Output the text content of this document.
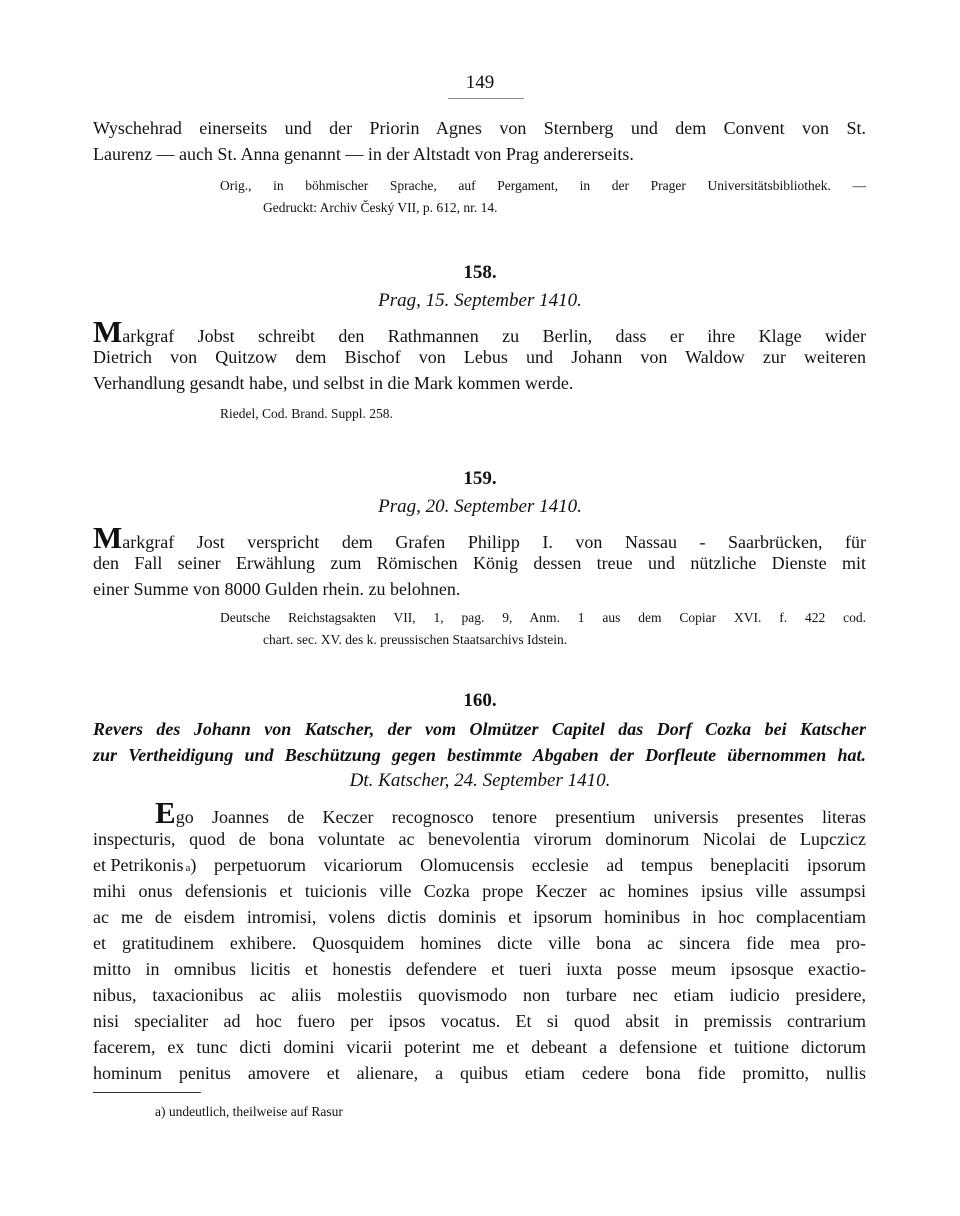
149
Wyschehrad einerseits und der Priorin Agnes von Sternberg und dem Convent von St.
Laurenz — auch St. Anna genannt — in der Altstadt von Prag andererseits.
Orig., in böhmischer Sprache, auf Pergament, in der Prager Universitätsbibliothek. —
Gedruckt: Archiv Český VII, p. 612, nr. 14.
158.
Prag, 15. September 1410.
M arkgraf Jobst schreibt den Rathmannen zu Berlin, dass er ihre Klage wider
Dietrich von Quitzow dem Bischof von Lebus und Johann von Waldow zur weiteren
Verhandlung gesandt habe, und selbst in die Mark kommen werde.
Riedel, Cod. Brand. Suppl. 258.
159.
Prag, 20. September 1410.
M arkgraf Jost verspricht dem Grafen Philipp I. von Nassau - Saarbrücken, für
den Fall seiner Erwählung zum Römischen König dessen treue und nützliche Dienste mit
einer Summe von 8000 Gulden rhein. zu belohnen.
Deutsche Reichstagsakten VII, 1, pag. 9, Anm. 1 aus dem Copiar XVI. f. 422 cod.
chart. sec. XV. des k. preussischen Staatsarchivs Idstein.
160.
Revers des Johann von Katscher, der vom Olmützer Capitel das Dorf Cozka bei Katscher
zur Vertheidigung und Beschützung gegen bestimmte Abgaben der Dorfleute übernommen hat.
Dt. Katscher, 24. September 1410.
E go Joannes de Keczer recognosco tenore presentium universis presentes literas
inspecturis, quod de bona voluntate ac benevolentia virorum dominorum Nicolai de Lupczicz
et Petrikonis a ) perpetuorum vicariorum Olomucensis ecclesie ad tempus beneplaciti ipsorum
mihi onus defensionis et tuicionis ville Cozka prope Keczer ac homines ipsius ville assumpsi
ac me de eisdem intromisi, volens dictis dominis et ipsorum hominibus in hoc complacentiam
et gratitudinem exhibere. Quosquidem homines dicte ville bona ac sincera fide mea pro-
mitto in omnibus licitis et honestis defendere et tueri iuxta posse meum ipsosque exactio-
nibus, taxacionibus ac aliis molestiis quovismodo non turbare nec etiam iudicio presidere,
nisi specialiter ad hoc fuero per ipsos vocatus. Et si quod absit in premissis contrarium
facerem, ex tunc dicti domini vicarii poterint me et debeant a defensione et tuitione dictorum
hominum penitus amovere et alienare, a quibus etiam cedere bona fide promitto, nullis
a) undeutlich, theilweise auf Rasur
